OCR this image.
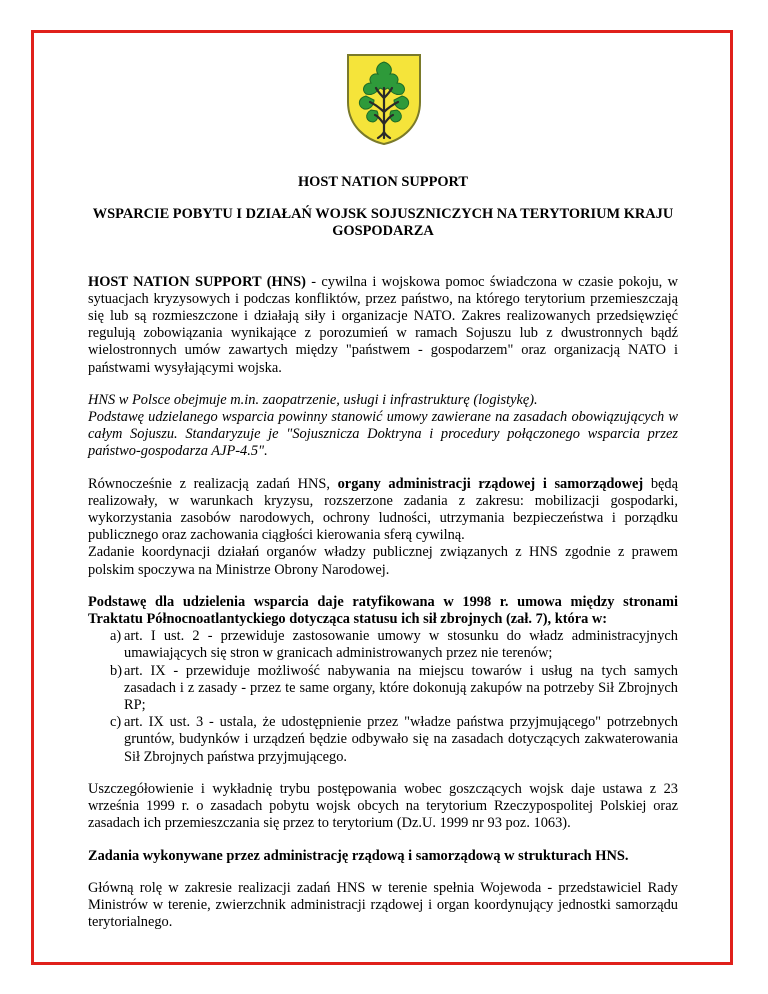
HOST NATION SUPPORT

WSPARCIE POBYTU I DZIAŁAŃ WOJSK SOJUSZNICZYCH NA TERYTORIUM KRAJU GOSPODARZA

HOST NATION SUPPORT (HNS) - cywilna i wojskowa pomoc świadczona w czasie pokoju, w sytuacjach kryzysowych i podczas konfliktów, przez państwo, na którego terytorium przemieszczają się lub są rozmieszczone i działają siły i organizacje NATO. Zakres realizowanych przedsięwzięć regulują zobowiązania wynikające z porozumień w ramach Sojuszu lub z dwustronnych bądź wielostronnych umów zawartych między "państwem - gospodarzem" oraz organizacją NATO i państwami wysyłającymi wojska.

HNS w Polsce obejmuje m.in. zaopatrzenie, usługi i infrastrukturę (logistykę).

Podstawę udzielanego wsparcia powinny stanowić umowy zawierane na zasadach obowiązujących w całym Sojuszu. Standaryzuje je "Sojusznicza Doktryna i procedury połączonego wsparcia przez państwo-gospodarza AJP-4.5".

Równocześnie z realizacją zadań HNS, organy administracji rządowej i samorządowej będą realizowały, w warunkach kryzysu, rozszerzone zadania z zakresu: mobilizacji gospodarki, wykorzystania zasobów narodowych, ochrony ludności, utrzymania bezpieczeństwa i porządku publicznego oraz zachowania ciągłości kierowania sferą cywilną.

Zadanie koordynacji działań organów władzy publicznej związanych z HNS zgodnie z prawem polskim spoczywa na Ministrze Obrony Narodowej.

Podstawę dla udzielenia wsparcia daje ratyfikowana w 1998 r. umowa między stronami Traktatu Północnoatlantyckiego dotycząca statusu ich sił zbrojnych (zał. 7), która w:

a) art. I ust. 2 - przewiduje zastosowanie umowy w stosunku do władz administracyjnych umawiających się stron w granicach administrowanych przez nie terenów;
b) art. IX - przewiduje możliwość nabywania na miejscu towarów i usług na tych samych zasadach i z zasady - przez te same organy, które dokonują zakupów na potrzeby Sił Zbrojnych RP;
c) art. IX ust. 3 - ustala, że udostępnienie przez "władze państwa przyjmującego" potrzebnych gruntów, budynków i urządzeń będzie odbywało się na zasadach dotyczących zakwaterowania Sił Zbrojnych państwa przyjmującego.

Uszczegółowienie i wykładnię trybu postępowania wobec goszczących wojsk daje ustawa z 23 września 1999 r. o zasadach pobytu wojsk obcych na terytorium Rzeczypospolitej Polskiej oraz zasadach ich przemieszczania się przez to terytorium (Dz.U. 1999 nr 93 poz. 1063).

Zadania wykonywane przez administrację rządową i samorządową w strukturach HNS.

Główną rolę w zakresie realizacji zadań HNS w terenie spełnia Wojewoda - przedstawiciel Rady Ministrów w terenie, zwierzchnik administracji rządowej i organ koordynujący jednostki samorządu terytorialnego.
